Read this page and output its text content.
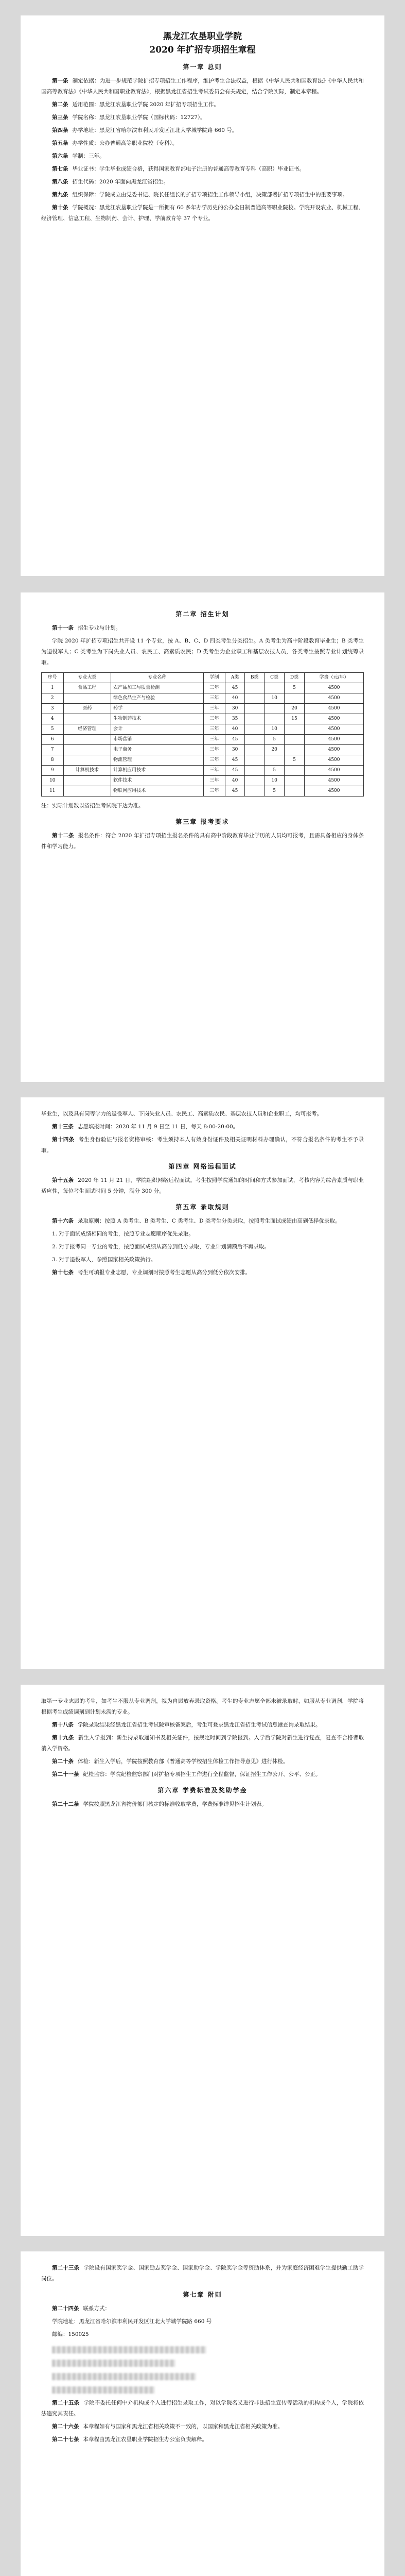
黑龙江农垦职业学院
2020 年扩招专项招生章程
第一章 总则

第一条 制定依据：为进一步规范学院扩招专项招生工作程序，维护考生合法权益，根据《中华人民共和国教育法》《中华人民共和国高等教育法》《中华人民共和国职业教育法》，根据黑龙江省招生考试委员会有关规定，结合学院实际，制定本章程。

第二条 适用范围：黑龙江农垦职业学院 2020 年扩招专项招生工作。

第三条 学院名称：黑龙江农垦职业学院（国标代码：12727）。

第四条 办学地址：黑龙江省哈尔滨市利民开发区江北大学城学院路 660 号。

第五条 办学性质：公办普通高等职业院校（专科）。

第六条 学制：三年。

第七条 毕业证书：学生毕业成绩合格，获得国家教育部电子注册的普通高等教育专科（高职）毕业证书。

第八条 招生代码：2020 年面向黑龙江省招生。

第九条 组织保障：学院成立由党委书记、院长任组长的扩招专项招生工作领导小组，决策部署扩招专项招生中的重要事项。

第十条 学院概况：黑龙江农垦职业学院是一所拥有 60 多年办学历史的公办全日制普通高等职业院校。学院开设农业、机械工程、经济管理、信息工程、生物制药、会计、护理、学前教育等 37 个专业。

第二章 招生计划

第十一条 招生专业与计划。

学院 2020 年扩招专项招生共开设 11 个专业，按 A、B、C、D 四类考生分类招生。A 类考生为高中阶段教育毕业生；B 类考生为退役军人；C 类考生为下岗失业人员、农民工、高素质农民；D 类考生为企业职工和基层农技人员，各类考生按照专业计划统筹录取。

序号	专业大类	专业名称	学制	A类	B类	C类	D类	学费（元/年）
1	食品工程	农产品加工与质量检测	三年	45			5	4500
2		绿色食品生产与检验	三年	40		10		4500
3	医药	药学	三年	30			20	4500
4		生物制药技术	三年	35			15	4500
5	经济管理	会计	三年	40		10		4500
6		市场营销	三年	45		5		4500
7		电子商务	三年	30		20		4500
8		物流管理	三年	45			5	4500
9	计算机技术	计算机应用技术	三年	45		5		4500
10		软件技术	三年	40		10		4500
11		物联网应用技术	三年	45		5		4500

注：实际计划数以省招生考试院下达为准。

第三章 报考要求

第十二条 报名条件：符合 2020 年扩招专项招生报名条件的具有高中阶段教育毕业学历的人员均可报考，且需具备相应的身体条件和学习能力。

毕业生，以及具有同等学力的退役军人、下岗失业人员、农民工、高素质农民、基层农技人员和企业职工，均可报考。

第十三条 志愿填报时间：2020 年 11 月 9 日至 11 日，每天 8:00-20:00。

第十四条 考生身份验证与报名资格审核：考生须持本人有效身份证件及相关证明材料办理确认，不符合报名条件的考生不予录取。

第四章 网络远程面试

第十五条 2020 年 11 月 21 日，学院组织网络远程面试。考生按照学院通知的时间和方式参加面试，考核内容为综合素质与职业适应性，每位考生面试时间 5 分钟，满分 300 分。

第五章 录取规则

第十六条 录取原则：按照 A 类考生、B 类考生、C 类考生、D 类考生分类录取，按照考生面试成绩由高到低择优录取。

1. 对于面试成绩相同的考生，按照专业志愿顺序优先录取。

2. 对于报考同一专业的考生，按照面试成绩从高分到低分录取，专业计划满额后不再录取。

3. 对于退役军人，参照国家相关政策执行。

第十七条 考生可填报专业志愿，专业调剂时按照考生志愿从高分到低分依次安排。

取第一专业志愿的考生，如考生不服从专业调剂，视为自愿放弃录取资格。考生的专业志愿全部未被录取时，如服从专业调剂，学院将根据考生成绩调剂到计划未满的专业。

第十八条 学院录取结果经黑龙江省招生考试院审核备案后，考生可登录黑龙江省招生考试信息港查询录取结果。

第十九条 新生入学报到：新生持录取通知书及相关证件，按规定时间到学院报到。入学后学院对新生进行复查，复查不合格者取消入学资格。

第二十条 体检：新生入学后，学院按照教育部《普通高等学校招生体检工作指导意见》进行体检。

第二十一条 纪检监察：学院纪检监察部门对扩招专项招生工作进行全程监督，保证招生工作公开、公平、公正。

第六章 学费标准及奖助学金

第二十二条 学院按照黑龙江省物价部门核定的标准收取学费，学费标准详见招生计划表。

第二十三条 学院设有国家奖学金、国家励志奖学金、国家助学金、学院奖学金等资助体系，并为家庭经济困难学生提供勤工助学岗位。

第七章 附则

第二十四条 联系方式：

学院地址：黑龙江省哈尔滨市利民开发区江北大学城学院路 660 号

邮编：150025

第二十五条 学院不委托任何中介机构或个人进行招生录取工作，对以学院名义进行非法招生宣传等活动的机构或个人，学院将依法追究其责任。

第二十六条 本章程如有与国家和黑龙江省相关政策不一致的，以国家和黑龙江省相关政策为准。

第二十七条 本章程由黑龙江农垦职业学院招生办公室负责解释。
